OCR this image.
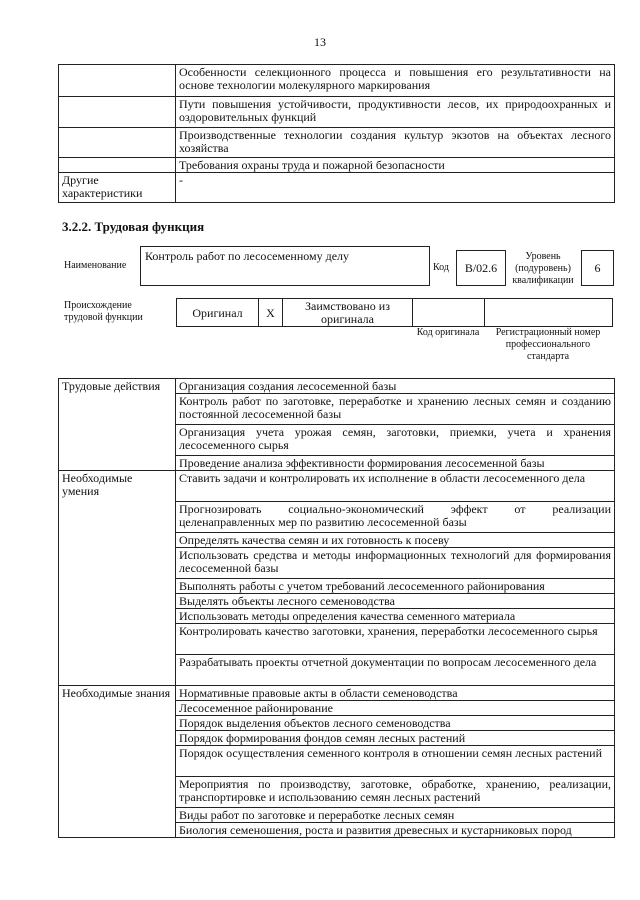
13
	Особенности селекционного процесса и повышения его результативности на основе технологии молекулярного маркирования
	Пути повышения устойчивости, продуктивности лесов, их природоохранных и оздоровительных функций
	Производственные технологии создания культур экзотов на объектах лесного хозяйства
	Требования охраны труда и пожарной безопасности
Другие характеристики	-
3.2.2. Трудовая функция
Наименование
Контроль работ по лесосеменному делу
Код	B/02.6
Уровень (подуровень) квалификации
6
Происхождение трудовой функции	Оригинал	X	Заимствовано из оригинала		
Код оригинала	Регистрационный номер профессионального стандарта
Трудовые действия	Организация создания лесосеменной базы
	Контроль работ по заготовке, переработке и хранению лесных семян и созданию постоянной лесосеменной базы
	Организация учета урожая семян, заготовки, приемки, учета и хранения лесосеменного сырья
	Проведение анализа эффективности формирования лесосеменной базы
Необходимые умения	Ставить задачи и контролировать их исполнение в области лесосеменного дела
	Прогнозировать социально-экономический эффект от реализации целенаправленных мер по развитию лесосеменной базы
	Определять качества семян и их готовность к посеву
	Использовать средства и методы информационных технологий для формирования лесосеменной базы
	Выполнять работы с учетом требований лесосеменного районирования
	Выделять объекты лесного семеноводства
	Использовать методы определения качества семенного материала
	Контролировать качество заготовки, хранения, переработки лесосеменного сырья
	Разрабатывать проекты отчетной документации по вопросам лесосеменного дела
Необходимые знания	Нормативные правовые акты в области семеноводства
	Лесосеменное районирование
	Порядок выделения объектов лесного семеноводства
	Порядок формирования фондов семян лесных растений
	Порядок осуществления семенного контроля в отношении семян лесных растений
	Мероприятия по производству, заготовке, обработке, хранению, реализации, транспортировке и использованию семян лесных растений
	Виды работ по заготовке и переработке лесных семян
	Биология семеношения, роста и развития древесных и кустарниковых пород
